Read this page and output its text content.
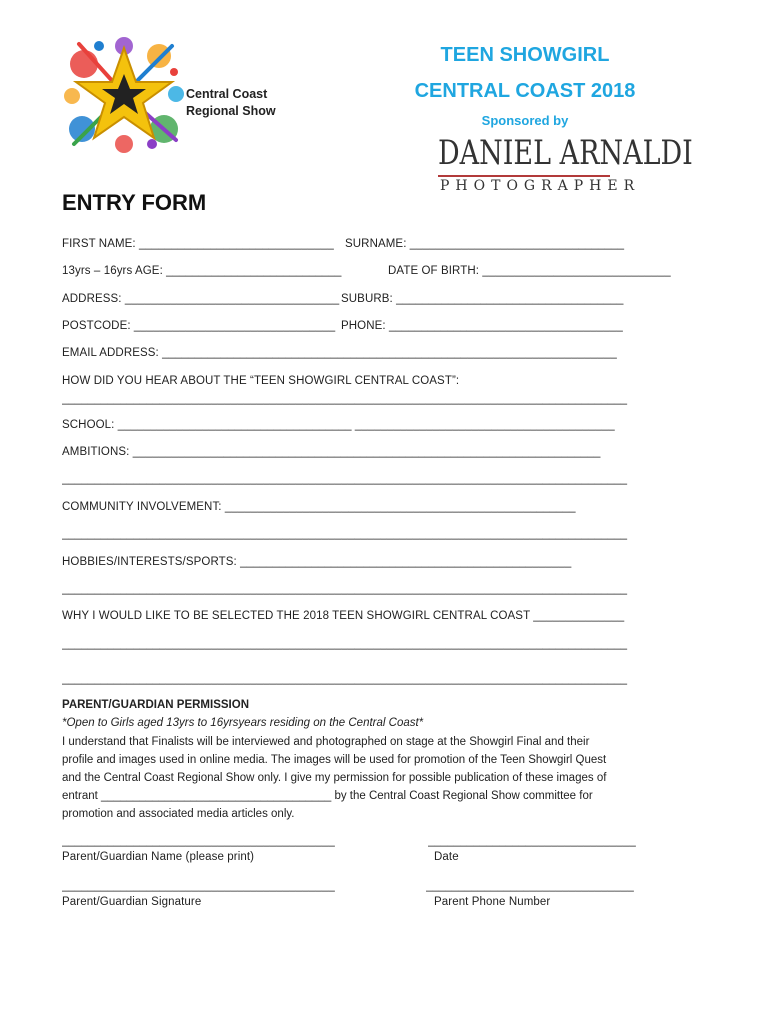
Central Coast
Regional Show
TEEN SHOWGIRL
CENTRAL COAST 2018
Sponsored by
DANIEL ARNALDI
PHOTOGRAPHER
ENTRY FORM
FIRST NAME: ______________________________ SURNAME: _________________________________
13yrs – 16yrs AGE: ___________________________	DATE OF BIRTH: _____________________________
ADDRESS: _________________________________ SUBURB: ___________________________________
POSTCODE: _______________________________ PHONE: ____________________________________
EMAIL ADDRESS: ______________________________________________________________________
HOW DID YOU HEAR ABOUT THE “TEEN SHOWGIRL CENTRAL COAST”:
_______________________________________________________________________________________
SCHOOL: ____________________________________ ________________________________________
AMBITIONS: ________________________________________________________________________
_______________________________________________________________________________________
COMMUNITY INVOLVEMENT: ______________________________________________________
_______________________________________________________________________________________
HOBBIES/INTERESTS/SPORTS: ___________________________________________________
_______________________________________________________________________________________
WHY I WOULD LIKE TO BE SELECTED THE 2018 TEEN SHOWGIRL CENTRAL COAST ______________
_______________________________________________________________________________________
_______________________________________________________________________________________
PARENT/GUARDIAN PERMISSION
*Open to Girls aged 13yrs to 16yrsyears residing on the Central Coast*
I understand that Finalists will be interviewed and photographed on stage at the Showgirl Final and their
profile and images used in online media. The images will be used for promotion of the Teen Showgirl Quest
and the Central Coast Regional Show only. I give my permission for possible publication of these images of
entrant ____________________________________ by the Central Coast Regional Show committee for
promotion and associated media articles only.
__________________________________________
Parent/Guardian Name (please print)
________________________________
Date
__________________________________________
Parent/Guardian Signature
________________________________
Parent Phone Number
